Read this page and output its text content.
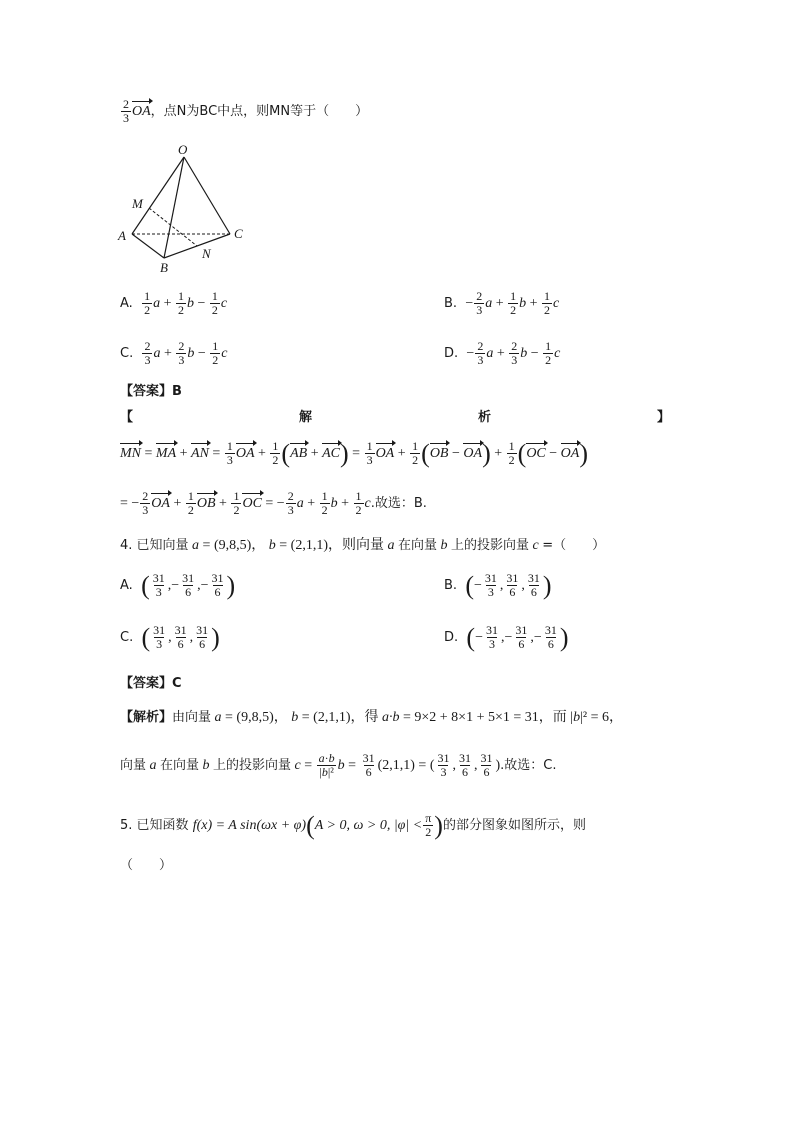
$\frac{2}{3}$ OA ，点N为BC中点，则MN等于（　　）
O
M
A
B
C
N
A.
$\frac{1}{2}$ $a + \frac{1}{2}$ $b - \frac{1}{2}$ c	B.
− $\frac{2}{3}$ $a + \frac{1}{2}$ $b + \frac{1}{2}$ c
C.
$\frac{2}{3}$ $a + \frac{2}{3}$ $b - \frac{1}{2}$ c	D.
− $\frac{2}{3}$ $a + \frac{2}{3}$ $b - \frac{1}{2}$ c
【答案】B
【	解	析	】
MN = MA + AN = $\frac{1}{3}$ OA + $\frac{1}{2}$ ( AB + AC ) = $\frac{1}{3}$ OA + $\frac{1}{2}$ ( OB − OA ) + $\frac{1}{2}$ ( OC − OA )
= − $\frac{2}{3}$ OA + $\frac{1}{2}$ OB + $\frac{1}{2}$ OC = − $\frac{2}{3}$ $a + \frac{1}{2}$ $b + \frac{1}{2}$ c .故选：B.
4. 已知向量 a = (9,8,5)， b = (2,1,1)，则向量 a 在向量 b 上的投影向量 c =（　　）
A.
( $\frac{31}{3}$ ,− $\frac{31}{6}$ ,− $\frac{31}{6}$ )	B.
( − $\frac{31}{3}$ , $\frac{31}{6}$ , $\frac{31}{6}$ )
C.
( $\frac{31}{3}$ , $\frac{31}{6}$ , $\frac{31}{6}$ )	D.
( − $\frac{31}{3}$ ,− $\frac{31}{6}$ ,− $\frac{31}{6}$ )
【答案】C
【解析】 由向量 a = (9,8,5)， b = (2,1,1)，得 a·b = 9×2 + 8×1 + 5×1 = 31，而 | b |² = 6，
向量 a 在向量 b 上的投影向量 $c = \frac{a\cdot b}{\text{|b|²}}$ $b = \frac{31}{6} (2,1,1)$ = ( $\frac{31}{3}$ , $\frac{31}{6}$ , $\frac{31}{6}$ ) .故选：C.
5. 已知函数
f(x) = A sin(ωx + φ) ( A > 0, ω > 0, $|\varphi| < \frac{\pi}{2}$ ) 的部分图象如图所示，则
（　　）
